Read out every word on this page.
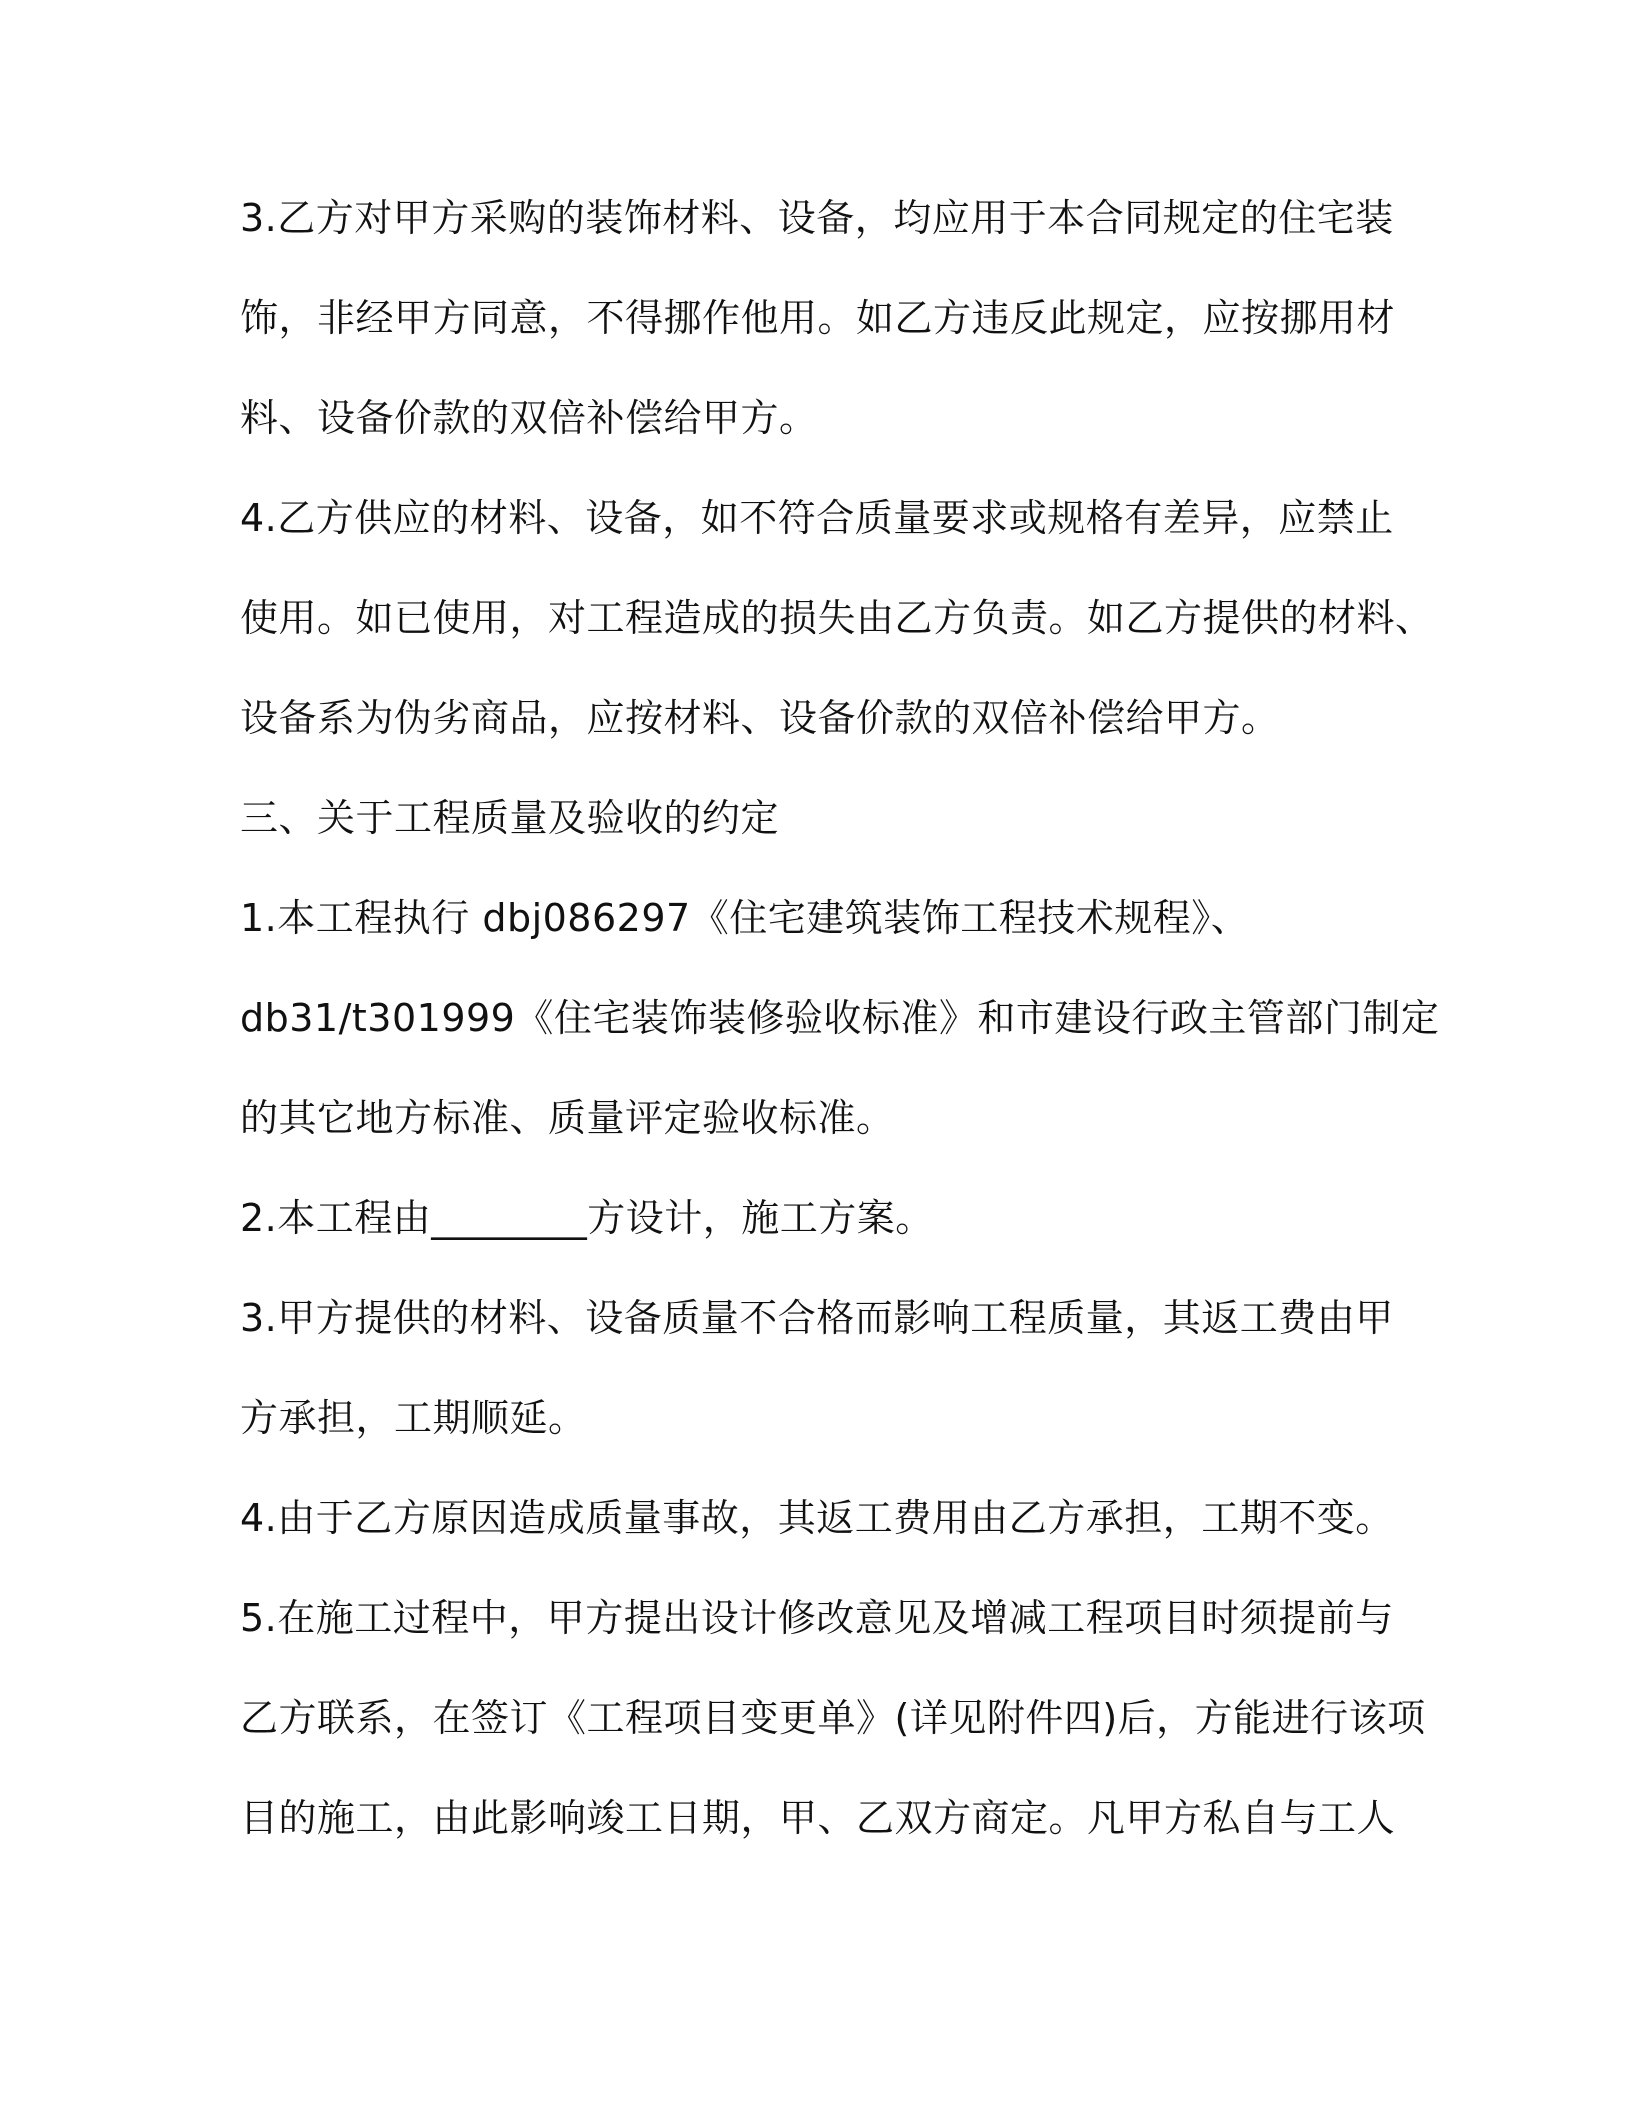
3.乙方对甲方采购的装饰材料、设备，均应用于本合同规定的住宅装
饰，非经甲方同意，不得挪作他用。如乙方违反此规定，应按挪用材
料、设备价款的双倍补偿给甲方。
4.乙方供应的材料、设备，如不符合质量要求或规格有差异，应禁止
使用。如已使用，对工程造成的损失由乙方负责。如乙方提供的材料、
设备系为伪劣商品，应按材料、设备价款的双倍补偿给甲方。
三、关于工程质量及验收的约定
1.本工程执行 dbj086297《住宅建筑装饰工程技术规程》、
db31/t301999《住宅装饰装修验收标准》和市建设行政主管部门制定
的其它地方标准、质量评定验收标准。
2.本工程由________方设计，施工方案。
3.甲方提供的材料、设备质量不合格而影响工程质量，其返工费由甲
方承担，工期顺延。
4.由于乙方原因造成质量事故，其返工费用由乙方承担，工期不变。
5.在施工过程中，甲方提出设计修改意见及增减工程项目时须提前与
乙方联系，在签订《工程项目变更单》(详见附件四)后，方能进行该项
目的施工，由此影响竣工日期，甲、乙双方商定。凡甲方私自与工人
